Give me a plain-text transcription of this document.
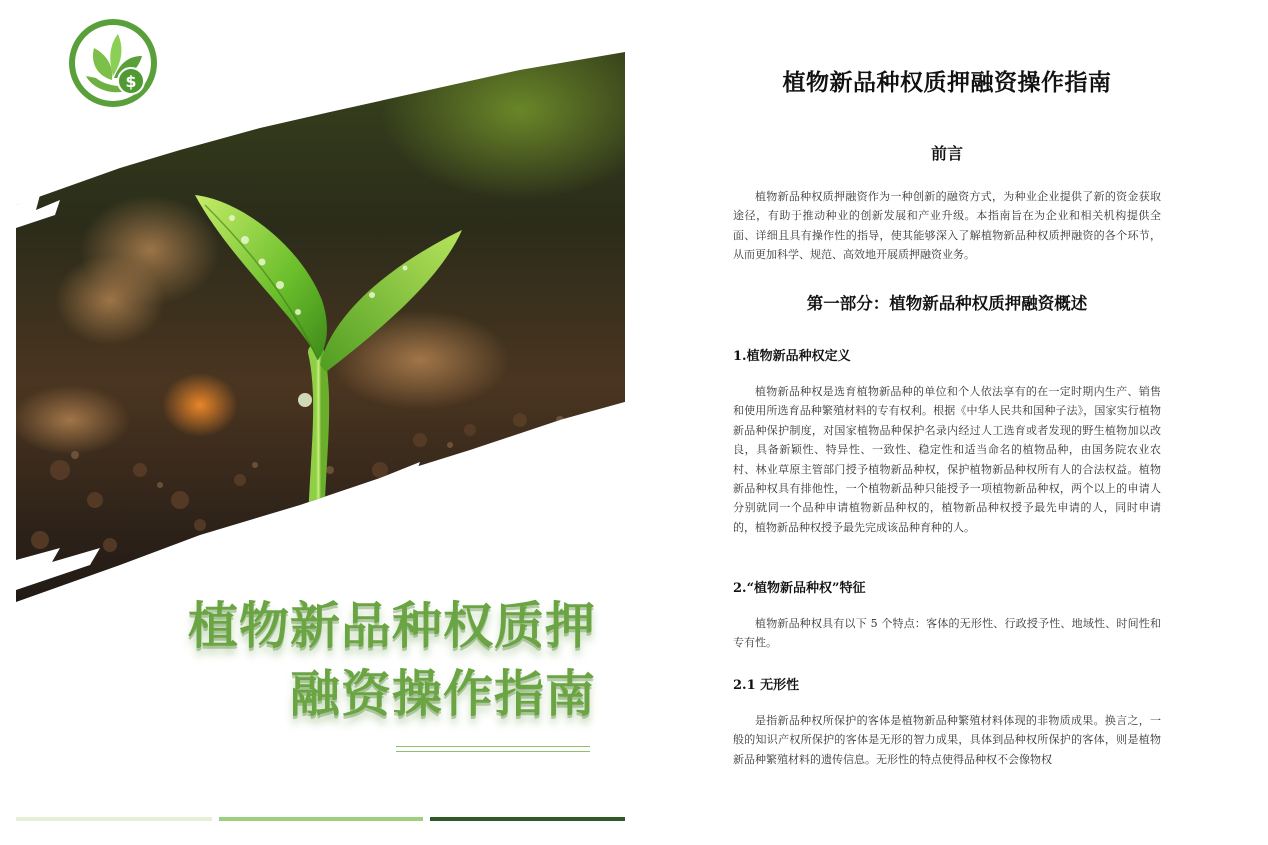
$
植物新品种权质押
融资操作指南
植物新品种权质押融资操作指南
前言

植物新品种权质押融资作为一种创新的融资方式，为种业企业提供了新的资金获取途径，有助于推动种业的创新发展和产业升级。本指南旨在为企业和相关机构提供全面、详细且具有操作性的指导，使其能够深入了解植物新品种权质押融资的各个环节，从而更加科学、规范、高效地开展质押融资业务。

第一部分：植物新品种权质押融资概述
1.植物新品种权定义

植物新品种权是选育植物新品种的单位和个人依法享有的在一定时期内生产、销售和使用所选育品种繁殖材料的专有权利。根据《中华人民共和国种子法》，国家实行植物新品种保护制度，对国家植物品种保护名录内经过人工选育或者发现的野生植物加以改良，具备新颖性、特异性、一致性、稳定性和适当命名的植物品种，由国务院农业农村、林业草原主管部门授予植物新品种权，保护植物新品种权所有人的合法权益。植物新品种权具有排他性，一个植物新品种只能授予一项植物新品种权，两个以上的申请人分别就同一个品种申请植物新品种权的，植物新品种权授予最先申请的人，同时申请的，植物新品种权授予最先完成该品种育种的人。

2.“植物新品种权”特征

植物新品种权具有以下 5 个特点：客体的无形性、行政授予性、地域性、时间性和专有性。

2.1 无形性

是指新品种权所保护的客体是植物新品种繁殖材料体现的非物质成果。换言之，一般的知识产权所保护的客体是无形的智力成果，具体到品种权所保护的客体，则是植物新品种繁殖材料的遗传信息。无形性的特点使得品种权不会像物权
